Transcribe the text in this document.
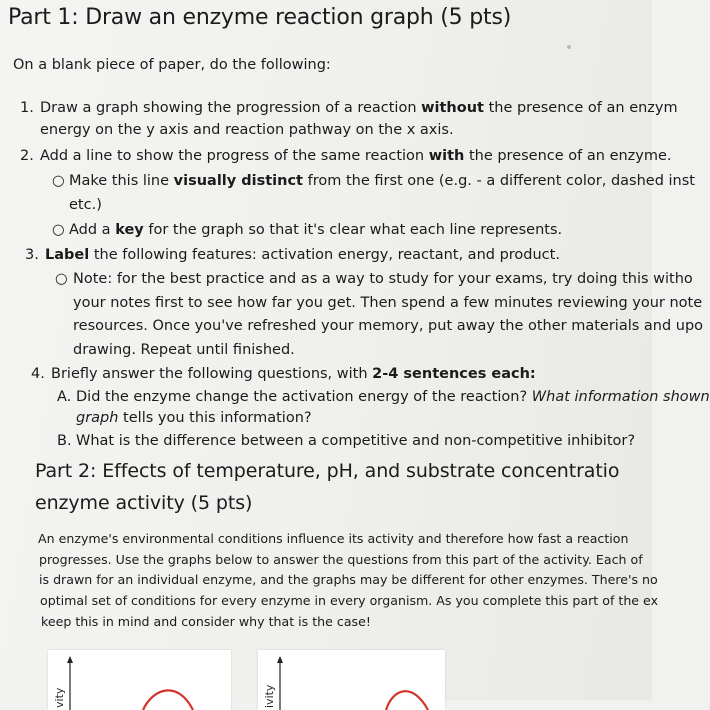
Part 1: Draw an enzyme reaction graph (5 pts)
On a blank piece of paper, do the following:
1. Draw a graph showing the progression of a reaction without the presence of an enzym
energy on the y axis and reaction pathway on the x axis.
2. Add a line to show the progress of the same reaction with the presence of an enzyme.
○ Make this line visually distinct from the first one (e.g. - a different color, dashed inst
etc.)
○ Add a key for the graph so that it's clear what each line represents.
3. Label the following features: activation energy, reactant, and product.
○ Note: for the best practice and as a way to study for your exams, try doing this witho
your notes first to see how far you get. Then spend a few minutes reviewing your note
resources. Once you've refreshed your memory, put away the other materials and upo
drawing. Repeat until finished.
4. Briefly answer the following questions, with 2-4 sentences each:
A. Did the enzyme change the activation energy of the reaction? What information shown
graph tells you this information?
B. What is the difference between a competitive and non-competitive inhibitor?
Part 2: Effects of temperature, pH, and substrate concentratio
enzyme activity (5 pts)
An enzyme's environmental conditions influence its activity and therefore how fast a reaction
progresses. Use the graphs below to answer the questions from this part of the activity. Each of
is drawn for an individual enzyme, and the graphs may be different for other enzymes. There's no
optimal set of conditions for every enzyme in every organism. As you complete this part of the ex
keep this in mind and consider why that is the case!
vity	ivity
